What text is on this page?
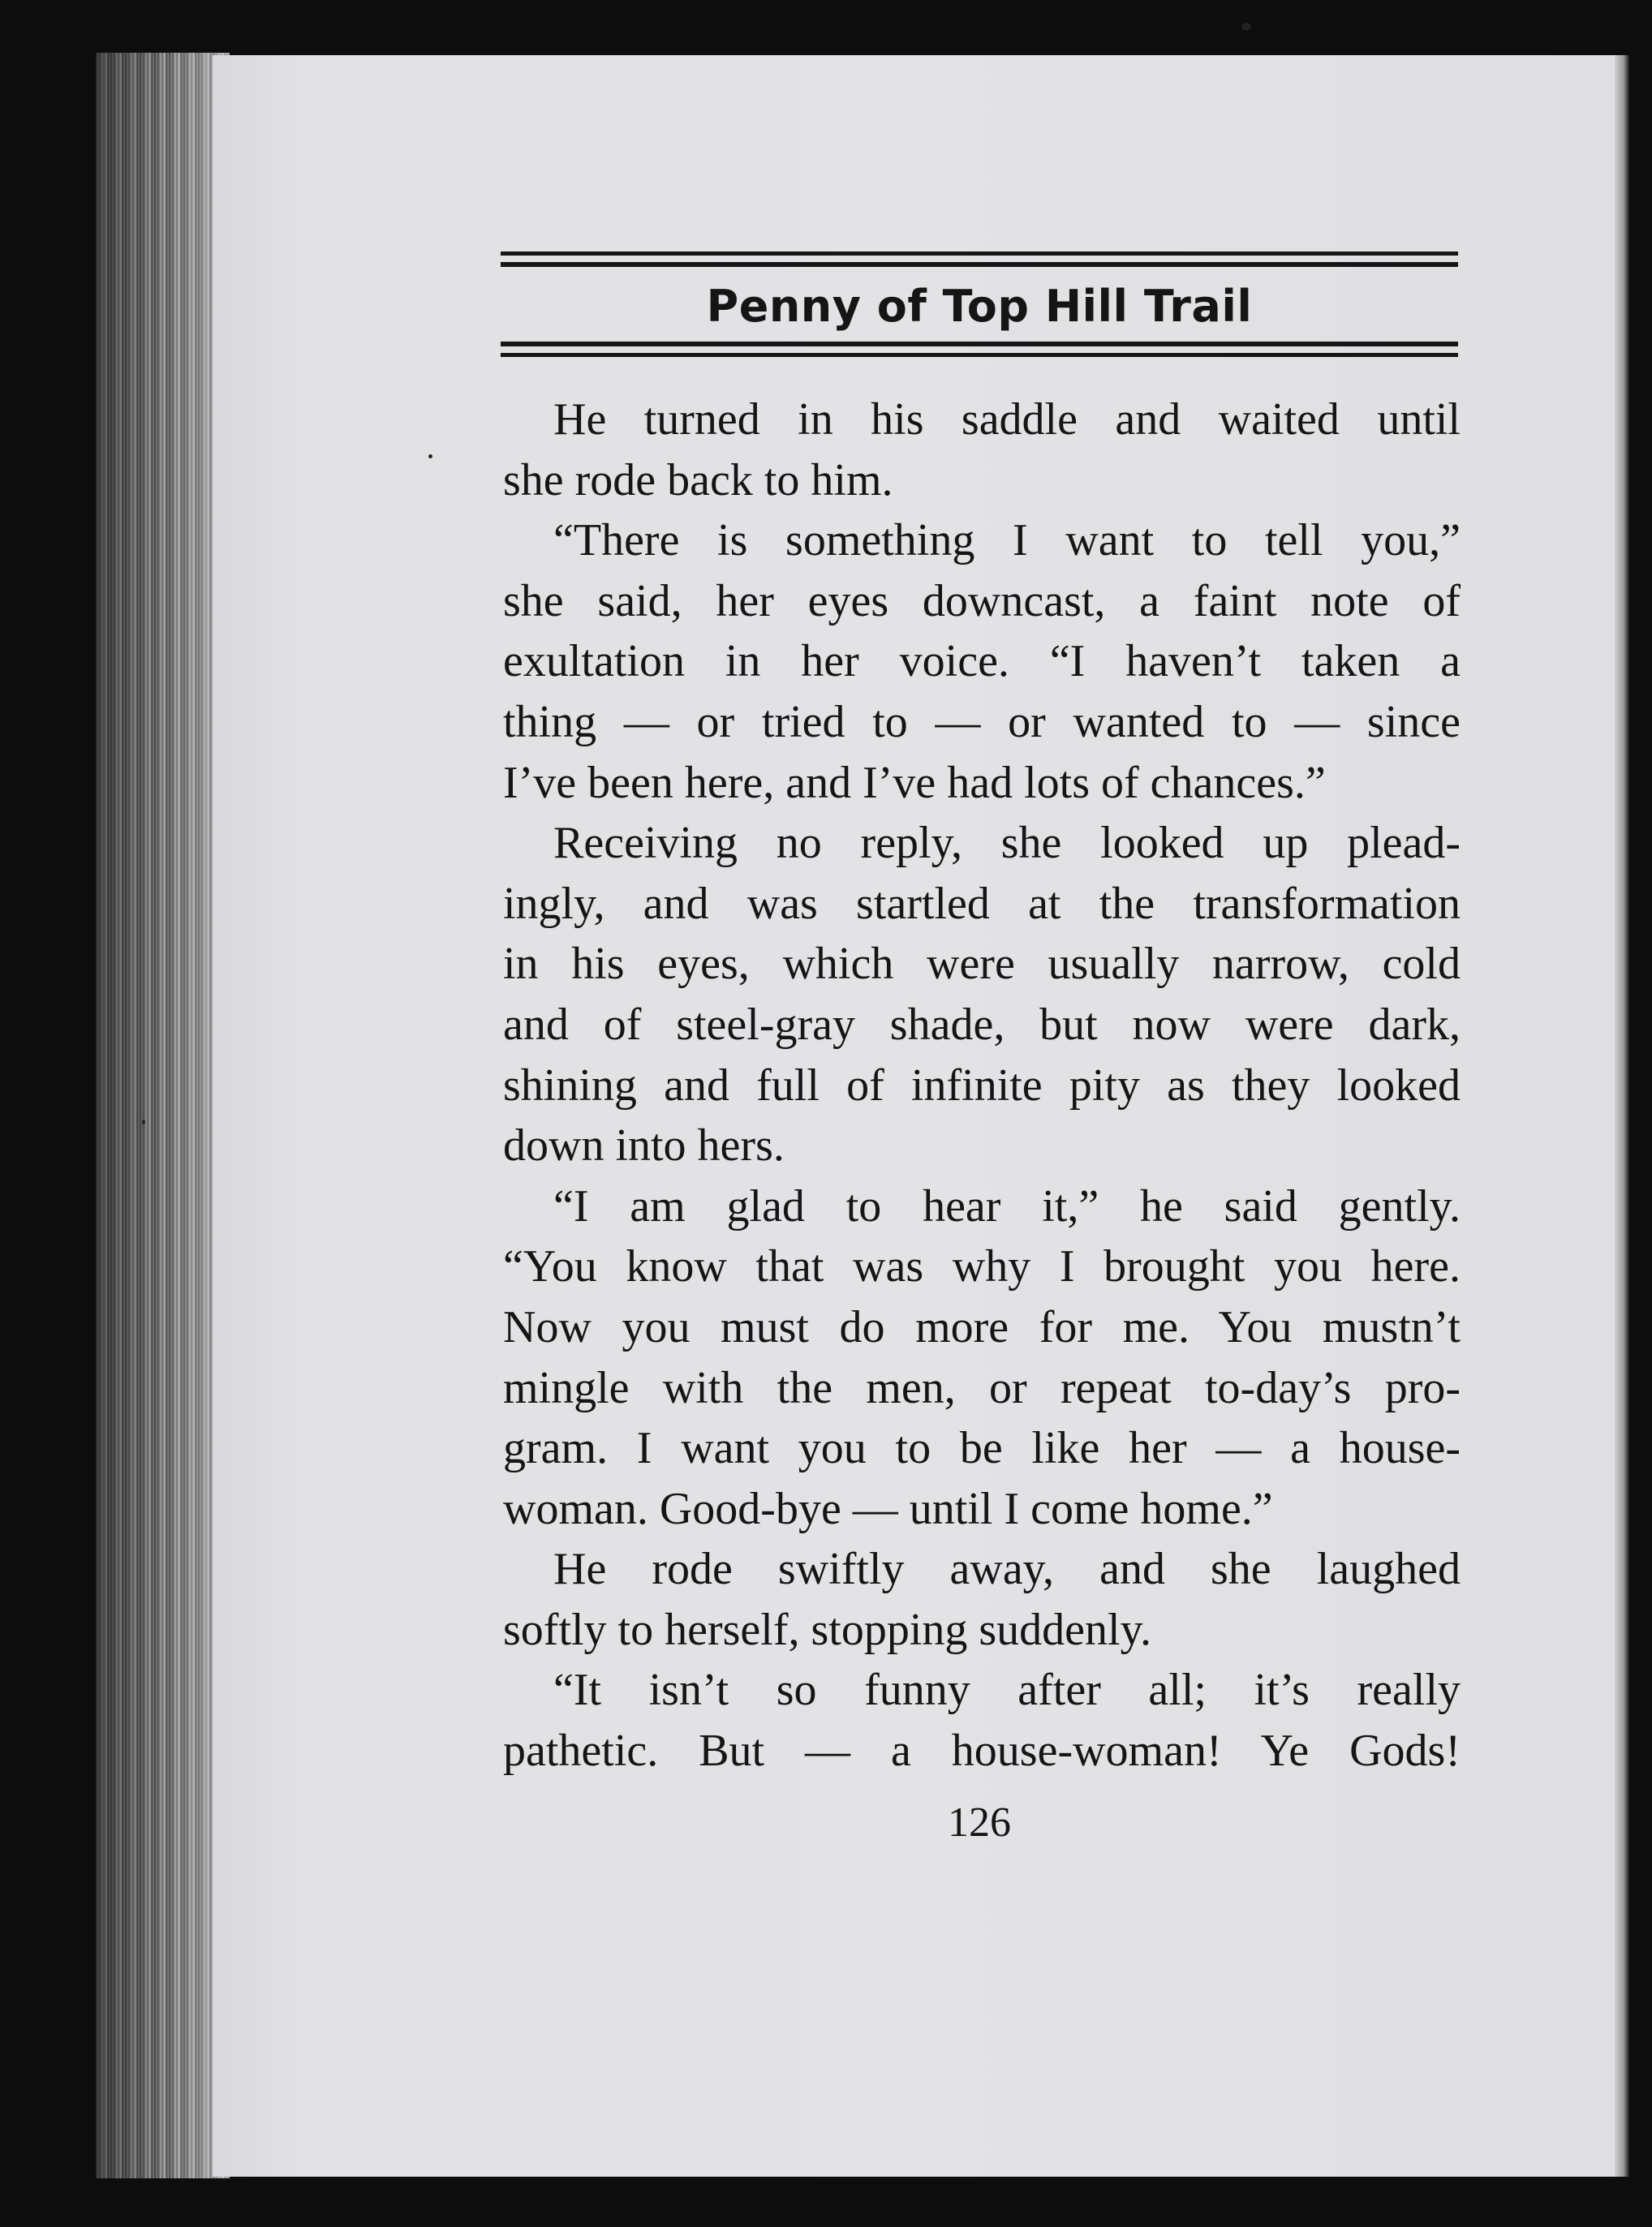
Penny of Top Hill Trail
He turned in his saddle and waited until
she rode back to him.
“There is something I want to tell you,”
she said, her eyes downcast, a faint note of
exultation in her voice. “I haven’t taken a
thing — or tried to — or wanted to — since
I’ve been here, and I’ve had lots of chances.”
Receiving no reply, she looked up plead-
ingly, and was startled at the transformation
in his eyes, which were usually narrow, cold
and of steel-gray shade, but now were dark,
shining and full of infinite pity as they looked
down into hers.
“I am glad to hear it,” he said gently.
“You know that was why I brought you here.
Now you must do more for me. You mustn’t
mingle with the men, or repeat to-day’s pro-
gram. I want you to be like her — a house-
woman. Good-bye — until I come home.”
He rode swiftly away, and she laughed
softly to herself, stopping suddenly.
“It isn’t so funny after all; it’s really
pathetic. But — a house-woman! Ye Gods!
126
